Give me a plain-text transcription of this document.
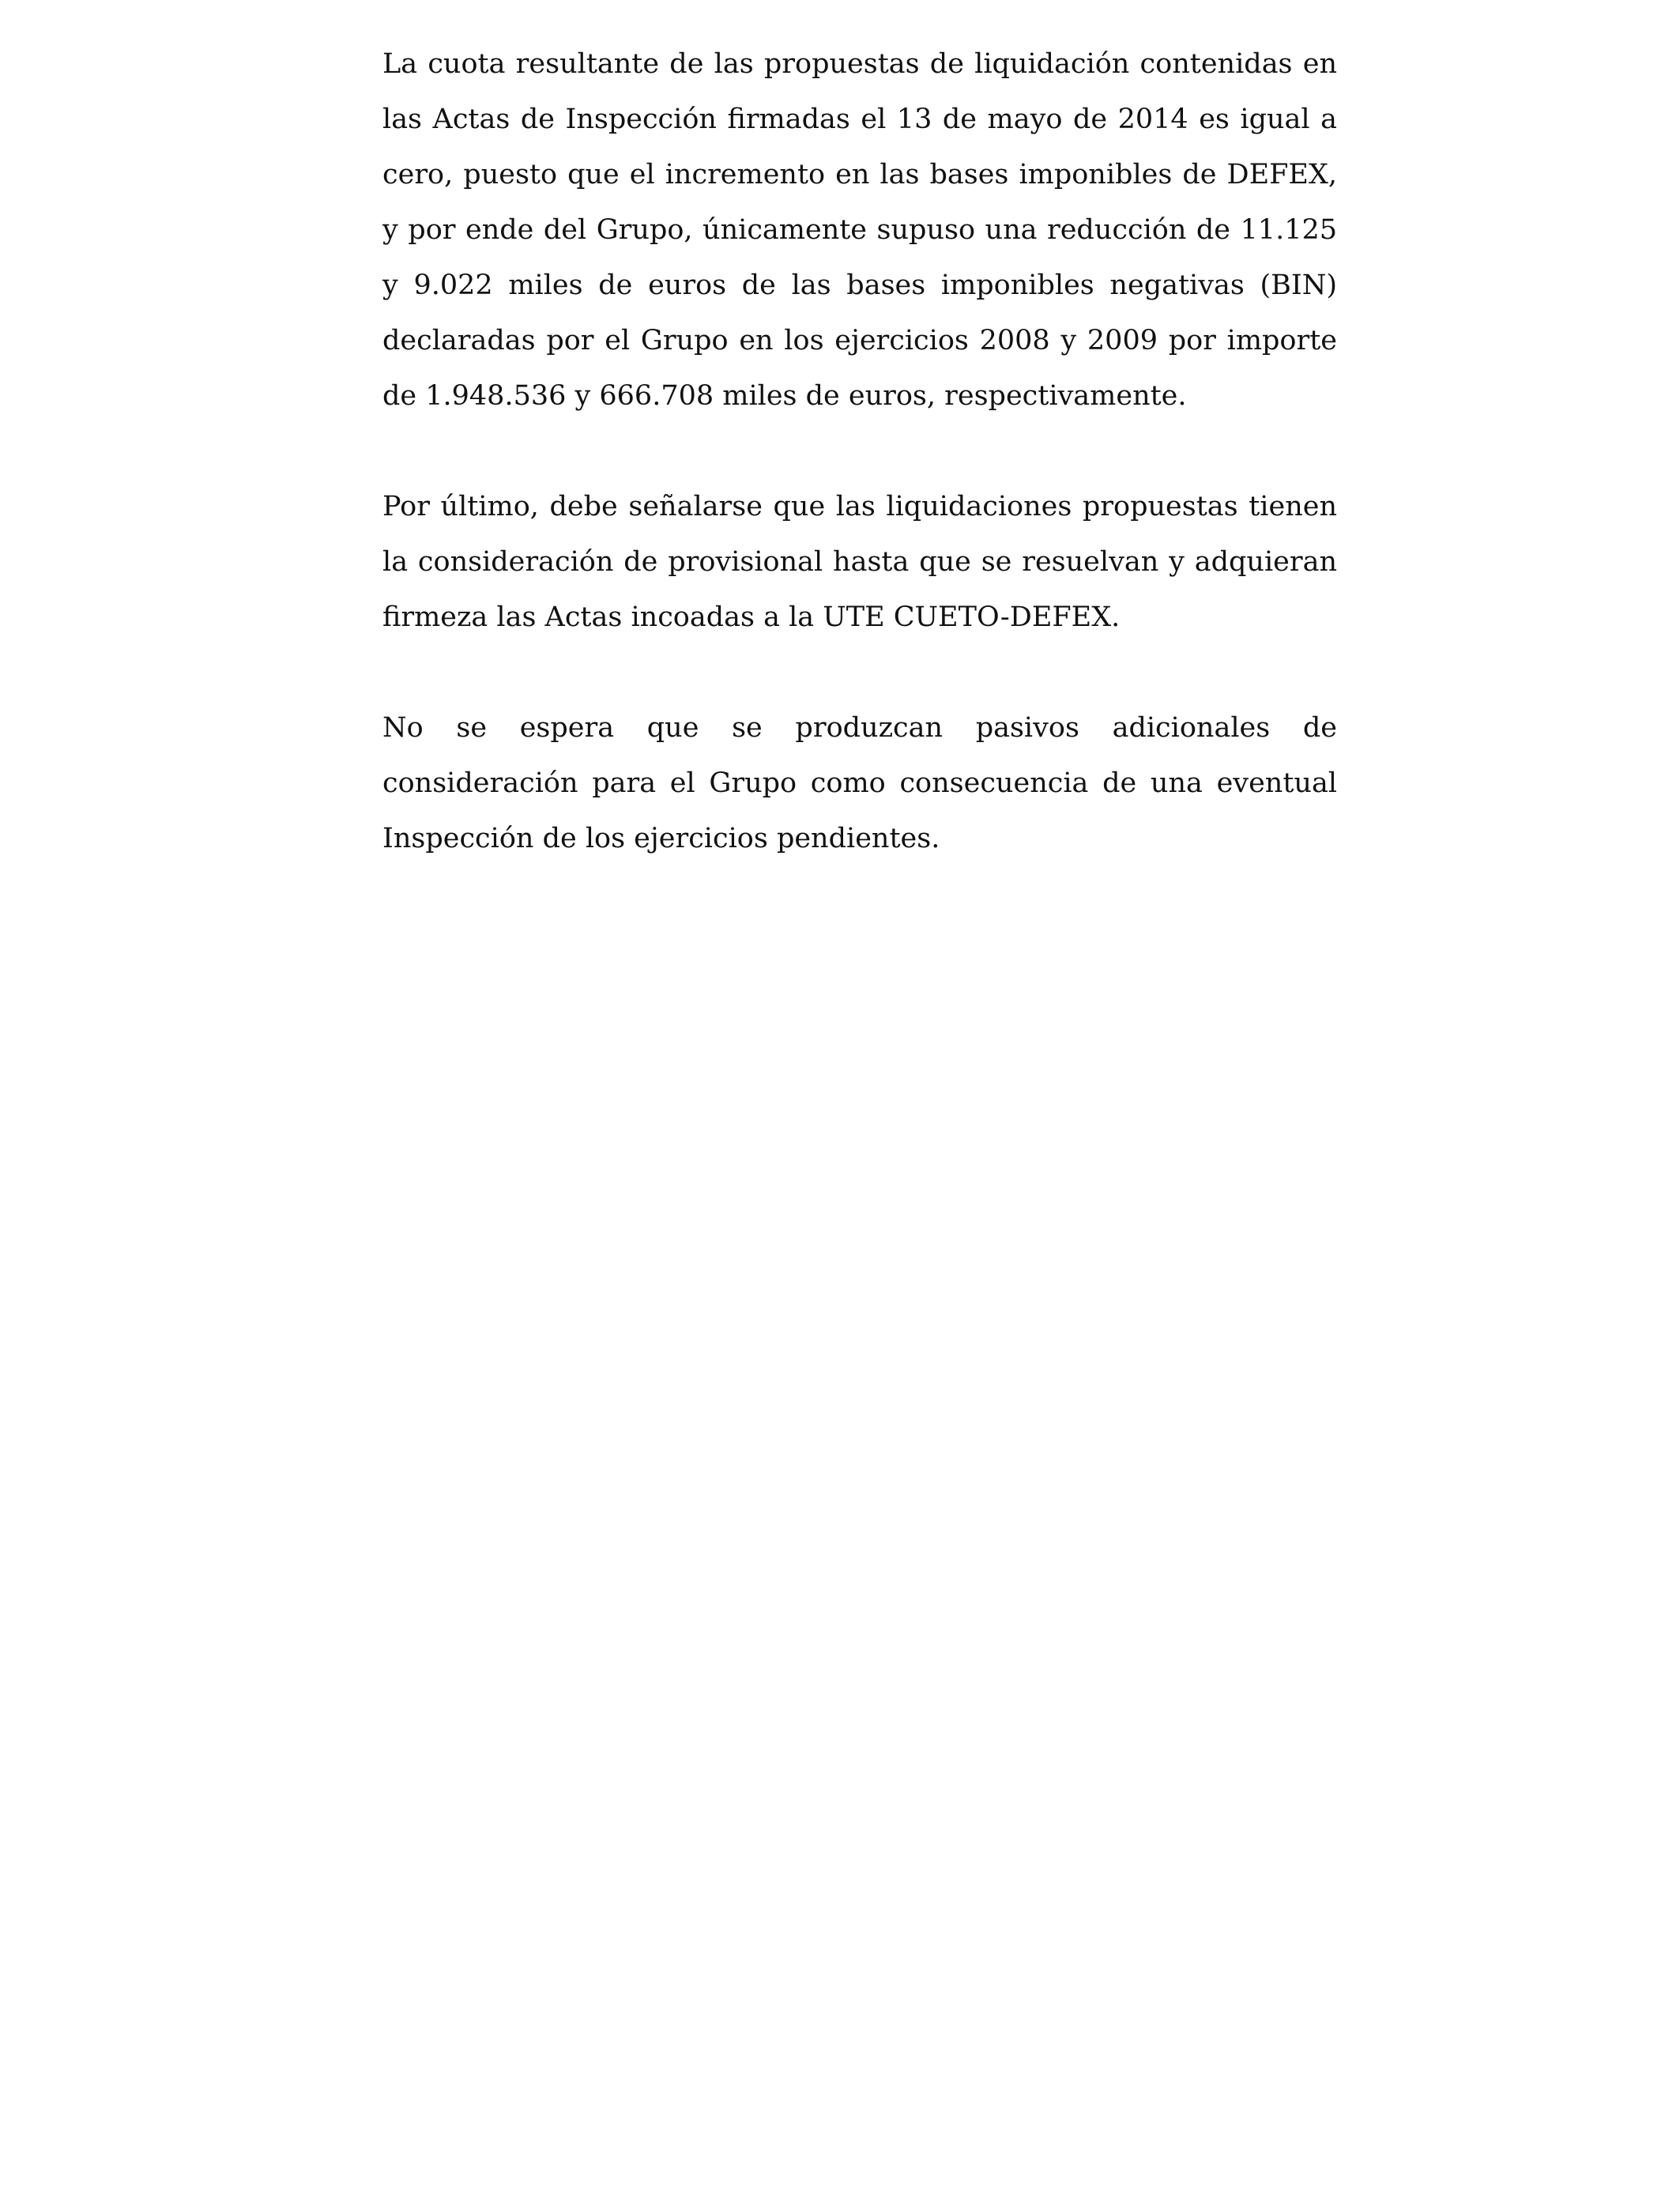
La cuota resultante de las propuestas de liquidación contenidas en las Actas de Inspección firmadas el 13 de mayo de 2014 es igual a cero, puesto que el incremento en las bases imponibles de DEFEX, y por ende del Grupo, únicamente supuso una reducción de 11.125 y 9.022 miles de euros de las bases imponibles negativas (BIN) declaradas por el Grupo en los ejercicios 2008 y 2009 por importe de 1.948.536 y 666.708 miles de euros, respectivamente.

Por último, debe señalarse que las liquidaciones propuestas tienen la consideración de provisional hasta que se resuelvan y adquieran firmeza las Actas incoadas a la UTE CUETO-DEFEX.

No se espera que se produzcan pasivos adicionales de consideración para el Grupo como consecuencia de una eventual Inspección de los ejercicios pendientes.
